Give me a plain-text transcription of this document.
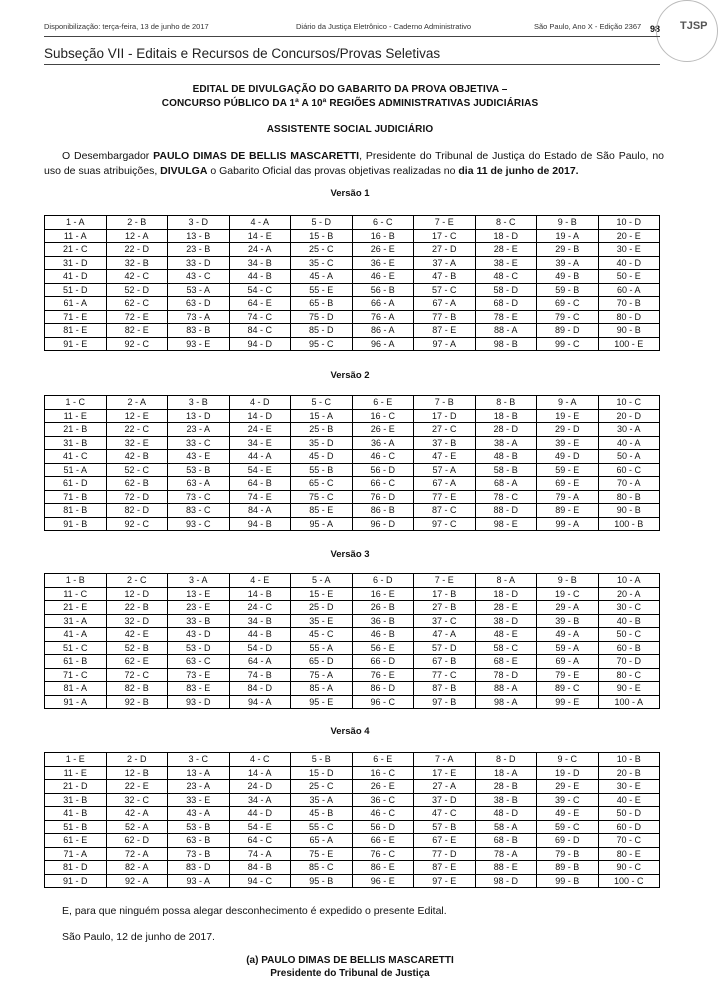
Disponibilização: terça-feira, 13 de junho de 2017	Diário da Justiça Eletrônico - Caderno Administrativo	São Paulo, Ano X - Edição 2367 98 TJSP
Subseção VII - Editais e Recursos de Concursos/Provas Seletivas
EDITAL DE DIVULGAÇÃO DO GABARITO DA PROVA OBJETIVA –
CONCURSO PÚBLICO DA 1ª A 10ª REGIÕES ADMINISTRATIVAS JUDICIÁRIAS
ASSISTENTE SOCIAL JUDICIÁRIO
O Desembargador PAULO DIMAS DE BELLIS MASCARETTI, Presidente do Tribunal de Justiça do Estado de São Paulo, no uso de suas atribuições, DIVULGA o Gabarito Oficial das provas objetivas realizadas no dia 11 de junho de 2017.
Versão 1
1 - A	2 - B	3 - D	4 - A	5 - D	6 - C	7 - E	8 - C	9 - B	10 - D
11 - A	12 - A	13 - B	14 - E	15 - B	16 - B	17 - C	18 - D	19 - A	20 - E
21 - C	22 - D	23 - B	24 - A	25 - C	26 - E	27 - D	28 - E	29 - B	30 - E
31 - D	32 - B	33 - D	34 - B	35 - C	36 - E	37 - A	38 - E	39 - A	40 - D
41 - D	42 - C	43 - C	44 - B	45 - A	46 - E	47 - B	48 - C	49 - B	50 - E
51 - D	52 - D	53 - A	54 - C	55 - E	56 - B	57 - C	58 - D	59 - B	60 - A
61 - A	62 - C	63 - D	64 - E	65 - B	66 - A	67 - A	68 - D	69 - C	70 - B
71 - E	72 - E	73 - A	74 - C	75 - D	76 - A	77 - B	78 - E	79 - C	80 - D
81 - E	82 - E	83 - B	84 - C	85 - D	86 - A	87 - E	88 - A	89 - D	90 - B
91 - E	92 - C	93 - E	94 - D	95 - C	96 - A	97 - A	98 - B	99 - C	100 - E
Versão 2
1 - C	2 - A	3 - B	4 - D	5 - C	6 - E	7 - B	8 - B	9 - A	10 - C
11 - E	12 - E	13 - D	14 - D	15 - A	16 - C	17 - D	18 - B	19 - E	20 - D
21 - B	22 - C	23 - A	24 - E	25 - B	26 - E	27 - C	28 - D	29 - D	30 - A
31 - B	32 - E	33 - C	34 - E	35 - D	36 - A	37 - B	38 - A	39 - E	40 - A
41 - C	42 - B	43 - E	44 - A	45 - D	46 - C	47 - E	48 - B	49 - D	50 - A
51 - A	52 - C	53 - B	54 - E	55 - B	56 - D	57 - A	58 - B	59 - E	60 - C
61 - D	62 - B	63 - A	64 - B	65 - C	66 - C	67 - A	68 - A	69 - E	70 - A
71 - B	72 - D	73 - C	74 - E	75 - C	76 - D	77 - E	78 - C	79 - A	80 - B
81 - B	82 - D	83 - C	84 - A	85 - E	86 - B	87 - C	88 - D	89 - E	90 - B
91 - B	92 - C	93 - C	94 - B	95 - A	96 - D	97 - C	98 - E	99 - A	100 - B
Versão 3
1 - B	2 - C	3 - A	4 - E	5 - A	6 - D	7 - E	8 - A	9 - B	10 - A
11 - C	12 - D	13 - E	14 - B	15 - E	16 - E	17 - B	18 - D	19 - C	20 - A
21 - E	22 - B	23 - E	24 - C	25 - D	26 - B	27 - B	28 - E	29 - A	30 - C
31 - A	32 - D	33 - B	34 - B	35 - E	36 - B	37 - C	38 - D	39 - B	40 - B
41 - A	42 - E	43 - D	44 - B	45 - C	46 - B	47 - A	48 - E	49 - A	50 - C
51 - C	52 - B	53 - D	54 - D	55 - A	56 - E	57 - D	58 - C	59 - A	60 - B
61 - B	62 - E	63 - C	64 - A	65 - D	66 - D	67 - B	68 - E	69 - A	70 - D
71 - C	72 - C	73 - E	74 - B	75 - A	76 - E	77 - C	78 - D	79 - E	80 - C
81 - A	82 - B	83 - E	84 - D	85 - A	86 - D	87 - B	88 - A	89 - C	90 - E
91 - A	92 - B	93 - D	94 - A	95 - E	96 - C	97 - B	98 - A	99 - E	100 - A
Versão 4
1 - E	2 - D	3 - C	4 - C	5 - B	6 - E	7 - A	8 - D	9 - C	10 - B
11 - E	12 - B	13 - A	14 - A	15 - D	16 - C	17 - E	18 - A	19 - D	20 - B
21 - D	22 - E	23 - A	24 - D	25 - C	26 - E	27 - A	28 - B	29 - E	30 - E
31 - B	32 - C	33 - E	34 - A	35 - A	36 - C	37 - D	38 - B	39 - C	40 - E
41 - B	42 - A	43 - A	44 - D	45 - B	46 - C	47 - C	48 - D	49 - E	50 - D
51 - B	52 - A	53 - B	54 - E	55 - C	56 - D	57 - B	58 - A	59 - C	60 - D
61 - E	62 - D	63 - B	64 - C	65 - A	66 - E	67 - E	68 - B	69 - D	70 - C
71 - A	72 - A	73 - B	74 - A	75 - E	76 - C	77 - D	78 - A	79 - B	80 - E
81 - D	82 - A	83 - D	84 - B	85 - C	86 - E	87 - E	88 - E	89 - B	90 - C
91 - D	92 - A	93 - A	94 - C	95 - B	96 - E	97 - E	98 - D	99 - B	100 - C
E, para que ninguém possa alegar desconhecimento é expedido o presente Edital.
São Paulo, 12 de junho de 2017.
(a) PAULO DIMAS DE BELLIS MASCARETTI
Presidente do Tribunal de Justiça
